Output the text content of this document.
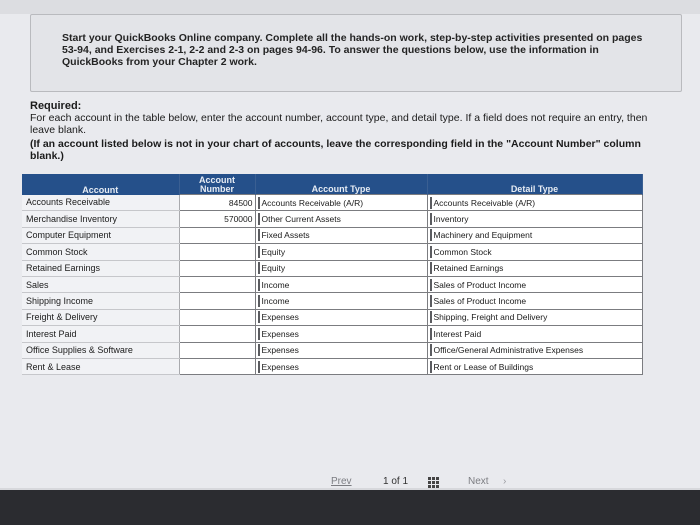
Start your QuickBooks Online company. Complete all the hands-on work, step-by-step activities presented on pages 53-94, and Exercises 2-1, 2-2 and 2-3 on pages 94-96. To answer the questions below, use the information in QuickBooks from your Chapter 2 work.
Required:
For each account in the table below, enter the account number, account type, and detail type. If a field does not require an entry, then leave blank.
(If an account listed below is not in your chart of accounts, leave the corresponding field in the "Account Number" column blank.)
Account	Account Number	Account Type	Detail Type
Accounts Receivable	84500	Accounts Receivable (A/R)	Accounts Receivable (A/R)

Merchandise Inventory	570000	Other Current Assets	Inventory

Computer Equipment		Fixed Assets	Machinery and Equipment

Common Stock		Equity	Common Stock

Retained Earnings		Equity	Retained Earnings

Sales		Income	Sales of Product Income

Shipping Income		Income	Sales of Product Income

Freight & Delivery		Expenses	Shipping, Freight and Delivery

Interest Paid		Expenses	Interest Paid

Office Supplies & Software		Expenses	Office/General Administrative Expenses

Rent & Lease		Expenses	Rent or Lease of Buildings
Prev	1 of 1	Next ›
